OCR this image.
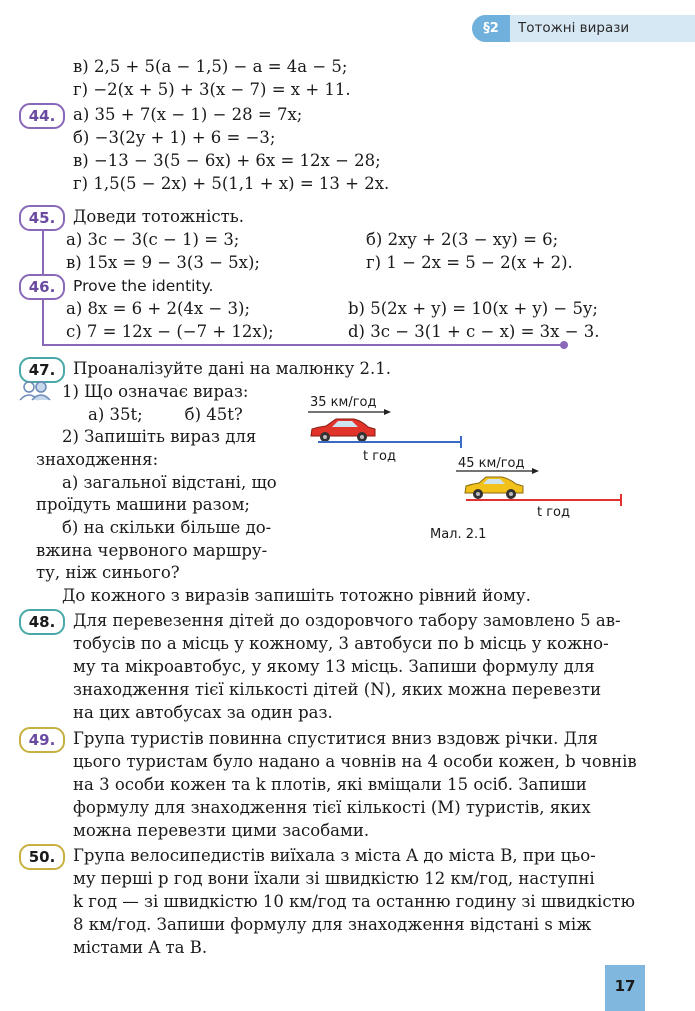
§2	Тотожні вирази
в) 2,5 + 5(a − 1,5) − a = 4a − 5;
г) −2(x + 5) + 3(x − 7) = x + 11.
44.	а) 35 + 7(x − 1) − 28 = 7x;
б) −3(2y + 1) + 6 = −3;
в) −13 − 3(5 − 6x) + 6x = 12x − 28;
г) 1,5(5 − 2x) + 5(1,1 + x) = 13 + 2x.
45.	Доведи тотожність.
а) 3c − 3(c − 1) = 3;	б) 2xy + 2(3 − xy) = 6;
в) 15x = 9 − 3(3 − 5x);	г) 1 − 2x = 5 − 2(x + 2).
46.	Prove the identity.
a) 8x = 6 + 2(4x − 3);	b) 5(2x + y) = 10(x + y) − 5y;
c) 7 = 12x − (−7 + 12x);	d) 3c − 3(1 + c − x) = 3x − 3.
47.	Проаналізуйте дані на малюнку 2.1.
1) Що означає вираз:
а) 35t;        б) 45t?
2) Запишіть вираз для
знаходження:
а) загальної відстані, що
проїдуть машини разом;
б) на скільки більше до-
вжина червоного маршру-
ту, ніж синього?
До кожного з виразів запишіть тотожно рівний йому.
35 км/год
t год	45 км/год
t год
Мал. 2.1
48.	Для перевезення дітей до оздоровчого табору замовлено 5 ав-
тобусів по a місць у кожному, 3 автобуси по b місць у кожно-
му та мікроавтобус, у якому 13 місць. Запиши формулу для
знаходження тієї кількості дітей (N), яких можна перевезти
на цих автобусах за один раз.
49.	Група туристів повинна спуститися вниз вздовж річки. Для
цього туристам було надано a човнів на 4 особи кожен, b човнів
на 3 особи кожен та k плотів, які вміщали 15 осіб. Запиши
формулу для знаходження тієї кількості (M) туристів, яких
можна перевезти цими засобами.
50.	Група велосипедистів виїхала з міста A до міста B, при цьо-
му перші p год вони їхали зі швидкістю 12 км/год, наступні
k год — зі швидкістю 10 км/год та останню годину зі швидкістю
8 км/год. Запиши формулу для знаходження відстані s між
містами A та B.
17
